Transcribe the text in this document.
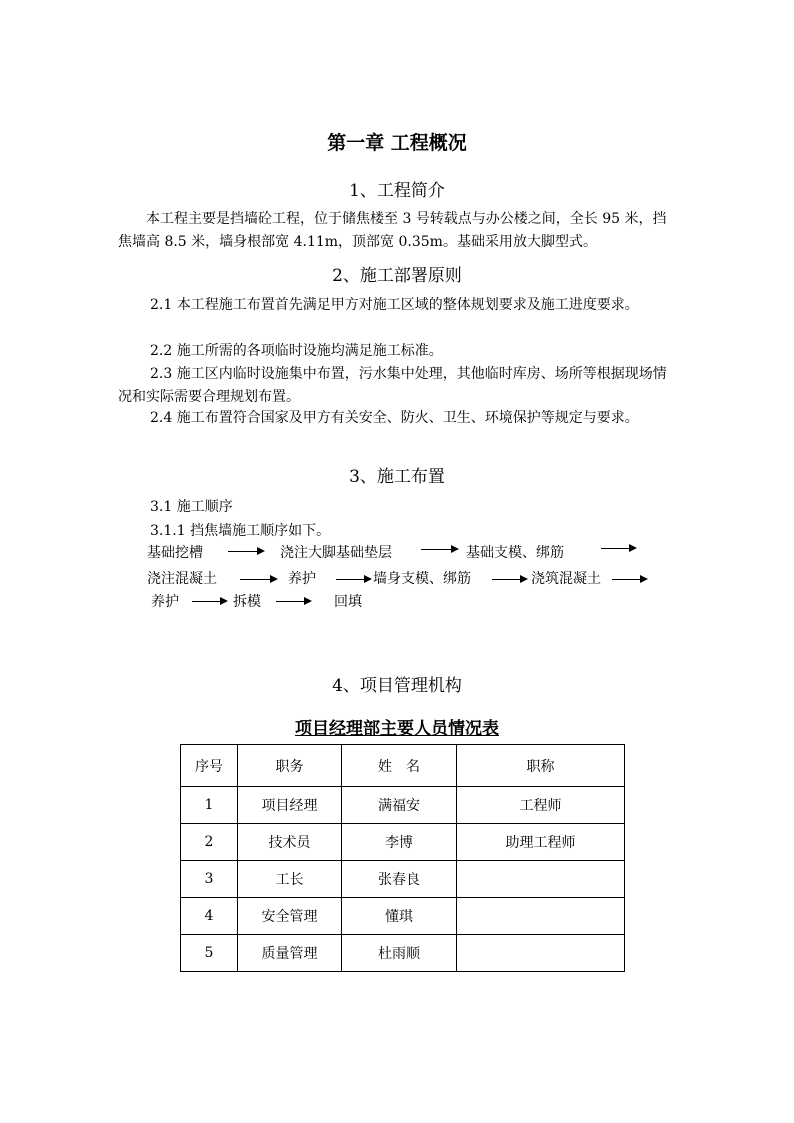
第一章 工程概况
1、工程简介
本工程主要是挡墙砼工程，位于储焦楼至 3 号转载点与办公楼之间，全长 95 米，挡焦墙高 8.5 米，墙身根部宽 4.11m，顶部宽 0.35m。基础采用放大脚型式。
2、施工部署原则
2.1 本工程施工布置首先满足甲方对施工区域的整体规划要求及施工进度要求。
2.2 施工所需的各项临时设施均满足施工标准。
2.3 施工区内临时设施集中布置，污水集中处理，其他临时库房、场所等根据现场情况和实际需要合理规划布置。
2.4 施工布置符合国家及甲方有关安全、防火、卫生、环境保护等规定与要求。
3、施工布置
3.1 施工顺序
3.1.1 挡焦墙施工顺序如下。
基础挖槽	浇注大脚基础垫层	基础支模、绑筋
浇注混凝土	养护	墙身支模、绑筋	浇筑混凝土
养护	拆模	回填
4、项目管理机构
项目经理部主要人员情况表
序号	职务	姓　名	职称
1	项目经理	满福安	工程师
2	技术员	李博	助理工程师
3	工长	张春良	
4	安全管理	懂琪	
5	质量管理	杜雨顺	
